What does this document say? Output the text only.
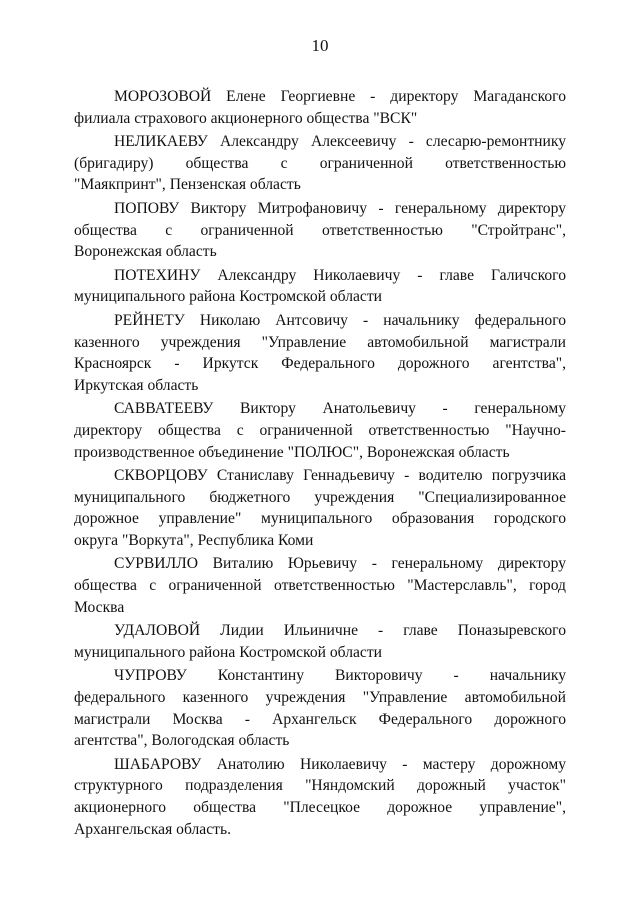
10
МОРОЗОВОЙ Елене Георгиевне - директору Магаданского
филиала страхового акционерного общества "ВСК"
НЕЛИКАЕВУ Александру Алексеевичу - слесарю-ремонтнику
(бригадиру) общества с ограниченной ответственностью
"Маякпринт", Пензенская область
ПОПОВУ Виктору Митрофановичу - генеральному директору
общества с ограниченной ответственностью "Стройтранс",
Воронежская область
ПОТЕХИНУ Александру Николаевичу - главе Галичского
муниципального района Костромской области
РЕЙНЕТУ Николаю Антсовичу - начальнику федерального
казенного учреждения "Управление автомобильной магистрали
Красноярск - Иркутск Федерального дорожного агентства",
Иркутская область
САВВАТЕЕВУ Виктору Анатольевичу - генеральному
директору общества с ограниченной ответственностью "Научно-
производственное объединение "ПОЛЮС", Воронежская область
СКВОРЦОВУ Станиславу Геннадьевичу - водителю погрузчика
муниципального бюджетного учреждения "Специализированное
дорожное управление" муниципального образования городского
округа "Воркута", Республика Коми
СУРВИЛЛО Виталию Юрьевичу - генеральному директору
общества с ограниченной ответственностью "Мастерславль", город
Москва
УДАЛОВОЙ Лидии Ильиничне - главе Поназыревского
муниципального района Костромской области
ЧУПРОВУ Константину Викторовичу - начальнику
федерального казенного учреждения "Управление автомобильной
магистрали Москва - Архангельск Федерального дорожного
агентства", Вологодская область
ШАБАРОВУ Анатолию Николаевичу - мастеру дорожному
структурного подразделения "Няндомский дорожный участок"
акционерного общества "Плесецкое дорожное управление",
Архангельская область.
